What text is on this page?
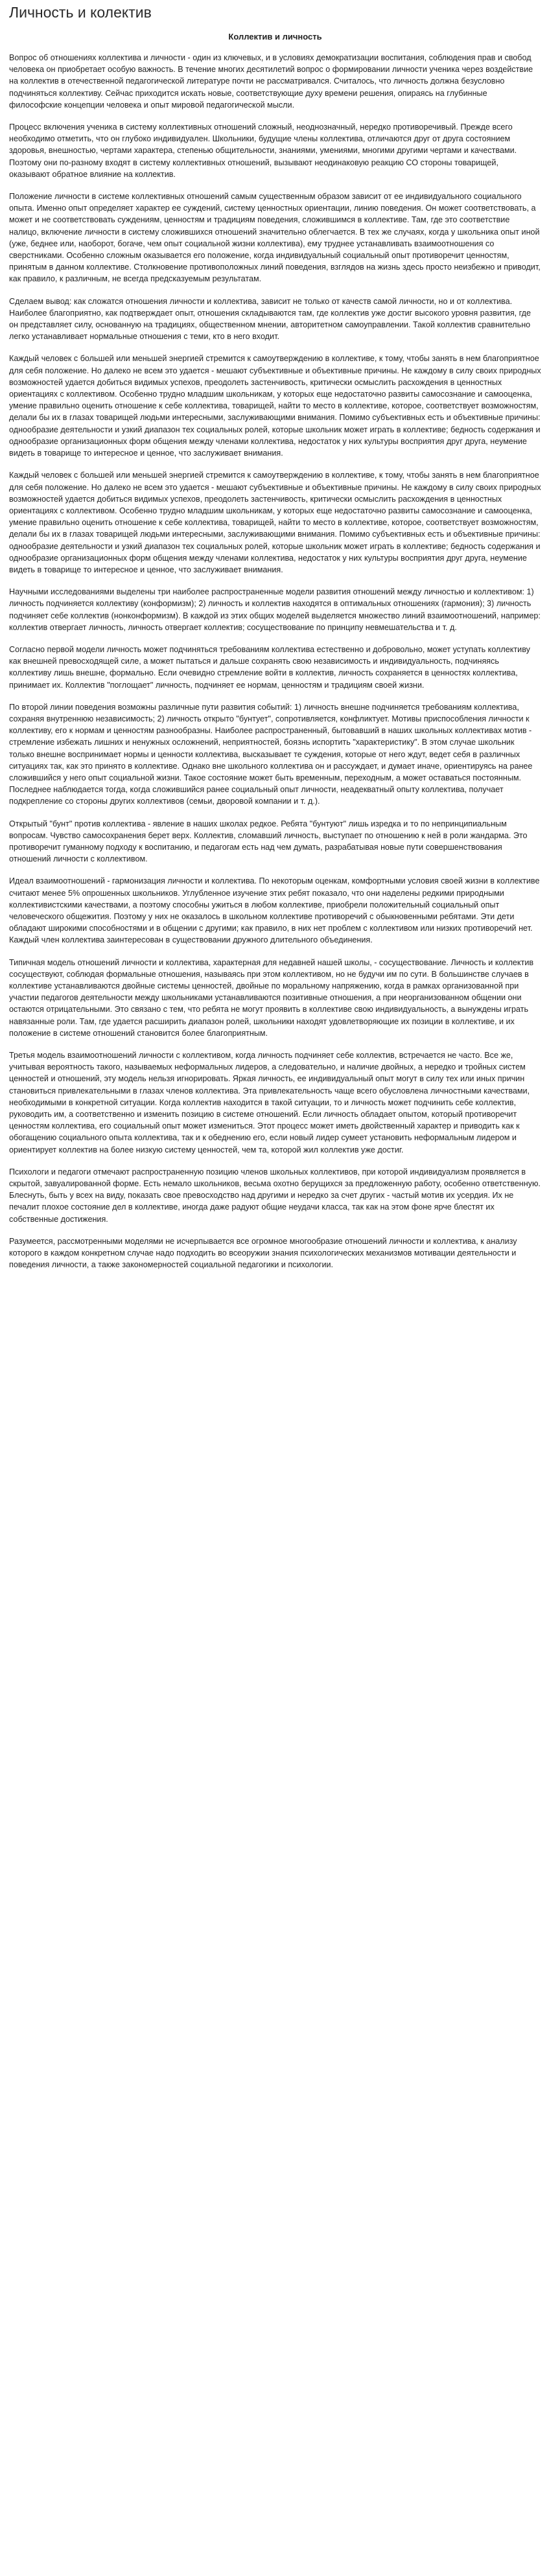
Личность и колектив
Коллектив и личность

Вопрос об отношениях коллектива и личности - один из ключевых, и в условиях демократизации воспитания, соблюдения прав и свобод человека он приобретает особую важность. В течение многих десятилетий вопрос о формировании личности ученика через воздействие на коллектив в отечественной педагогической литературе почти не рассматривался. Считалось, что личность должна безусловно подчиняться коллективу. Сейчас приходится искать новые, соответствующие духу времени решения, опираясь на глубинные философские концепции человека и опыт мировой педагогической мысли.

Процесс включения ученика в систему коллективных отношений сложный, неоднозначный, нередко противоречивый. Прежде всего необходимо отметить, что он глубоко индивидуален. Школьники, будущие члены коллектива, отличаются друг от друга состоянием здоровья, внешностью, чертами характера, степенью общительности, знаниями, умениями, многими другими чертами и качествами. Поэтому они по-разному входят в систему коллективных отношений, вызывают неодинаковую реакцию СО стороны товарищей, оказывают обратное влияние на коллектив.

Положение личности в системе коллективных отношений самым существенным образом зависит от ее индивидуального социального опыта. Именно опыт определяет характер ее суждений, систему ценностных ориентации, линию поведения. Он может соответствовать, а может и не соответствовать суждениям, ценностям и традициям поведения, сложившимся в коллективе. Там, где это соответствие налицо, включение личности в систему сложившихся отношений значительно облегчается. В тех же случаях, когда у школьника опыт иной (уже, беднее или, наоборот, богаче, чем опыт социальной жизни коллектива), ему труднее устанавливать взаимоотношения со сверстниками. Особенно сложным оказывается его положение, когда индивидуальный социальный опыт противоречит ценностям, принятым в данном коллективе. Столкновение противоположных линий поведения, взглядов на жизнь здесь просто неизбежно и приводит, как правило, к различным, не всегда предсказуемым результатам.

Сделаем вывод: как сложатся отношения личности и коллектива, зависит не только от качеств самой личности, но и от коллектива. Наиболее благоприятно, как подтверждает опыт, отношения складываются там, где коллектив уже достиг высокого уровня развития, где он представляет силу, основанную на традициях, общественном мнении, авторитетном самоуправлении. Такой коллектив сравнительно легко устанавливает нормальные отношения с теми, кто в него входит.

Каждый человек с большей или меньшей энергией стремится к самоутверждению в коллективе, к тому, чтобы занять в нем благоприятное для себя положение. Но далеко не всем это удается - мешают субъективные и объективные причины. Не каждому в силу своих природных возможностей удается добиться видимых успехов, преодолеть застенчивость, критически осмыслить расхождения в ценностных ориентациях с коллективом. Особенно трудно младшим школьникам, у которых еще недостаточно развиты самосознание и самооценка, умение правильно оценить отношение к себе коллектива, товарищей, найти то место в коллективе, которое, соответствует возможностям, делали бы их в глазах товарищей людьми интересными, заслуживающими внимания. Помимо субъективных есть и объективные причины: однообразие деятельности и узкий диапазон тех социальных ролей, которые школьник может играть в коллективе; бедность содержания и однообразие организационных форм общения между членами коллектива, недостаток у них культуры восприятия друг друга, неумение видеть в товарище то интересное и ценное, что заслуживает внимания.

Каждый человек с большей или меньшей энергией стремится к самоутверждению в коллективе, к тому, чтобы занять в нем благоприятное для себя положение. Но далеко не всем это удается - мешают субъективные и объективные причины. Не каждому в силу своих природных возможностей удается добиться видимых успехов, преодолеть застенчивость, критически осмыслить расхождения в ценностных ориентациях с коллективом. Особенно трудно младшим школьникам, у которых еще недостаточно развиты самосознание и самооценка, умение правильно оценить отношение к себе коллектива, товарищей, найти то место в коллективе, которое, соответствует возможностям, делали бы их в глазах товарищей людьми интересными, заслуживающими внимания. Помимо субъективных есть и объективные причины: однообразие деятельности и узкий диапазон тех социальных ролей, которые школьник может играть в коллективе; бедность содержания и однообразие организационных форм общения между членами коллектива, недостаток у них культуры восприятия друг друга, неумение видеть в товарище то интересное и ценное, что заслуживает внимания.

Научными исследованиями выделены три наиболее распространенные модели развития отношений между личностью и коллективом: 1) личность подчиняется коллективу (конформизм); 2) личность и коллектив находятся в оптимальных отношениях (гармония); 3) личность подчиняет себе коллектив (нонконформизм). В каждой из этих общих моделей выделяется множество линий взаимоотношений, например: коллектив отвергает личность, личность отвергает коллектив; сосуществование по принципу невмешательства и т. д.

Согласно первой модели личность может подчиняться требованиям коллектива естественно и добровольно, может уступать коллективу как внешней превосходящей силе, а может пытаться и дальше сохранять свою независимость и индивидуальность, подчиняясь коллективу лишь внешне, формально. Если очевидно стремление войти в коллектив, личность сохраняется в ценностях коллектива, принимает их. Коллектив "поглощает" личность, подчиняет ее нормам, ценностям и традициям своей жизни.

По второй линии поведения возможны различные пути развития событий: 1) личность внешне подчиняется требованиям коллектива, сохраняя внутреннюю независимость; 2) личность открыто "бунтует", сопротивляется, конфликтует. Мотивы приспособления личности к коллективу, его к нормам и ценностям разнообразны. Наиболее распространенный, бытовавший в наших школьных коллективах мотив - стремление избежать лишних и ненужных осложнений, неприятностей, боязнь испортить "характеристику". В этом случае школьник только внешне воспринимает нормы и ценности коллектива, высказывает те суждения, которые от него ждут, ведет себя в различных ситуациях так, как это принято в коллективе. Однако вне школьного коллектива он и рассуждает, и думает иначе, ориентируясь на ранее сложившийся у него опыт социальной жизни. Такое состояние может быть временным, переходным, а может оставаться постоянным. Последнее наблюдается тогда, когда сложившийся ранее социальный опыт личности, неадекватный опыту коллектива, получает подкрепление со стороны других коллективов (семьи, дворовой компании и т. д.).

Открытый "бунт" против коллектива - явление в наших школах редкое. Ребята "бунтуют" лишь изредка и то по непринципиальным вопросам. Чувство самосохранения берет верх. Коллектив, сломавший личность, выступает по отношению к ней в роли жандарма. Это противоречит гуманному подходу к воспитанию, и педагогам есть над чем думать, разрабатывая новые пути совершенствования отношений личности с коллективом.

Идеал взаимоотношений - гармонизация личности и коллектива. По некоторым оценкам, комфортными условия своей жизни в коллективе считают менее 5% опрошенных школьников. Углубленное изучение этих ребят показало, что они наделены редкими природными коллективистскими качествами, а поэтому способны ужиться в любом коллективе, приобрели положительный социальный опыт человеческого общежития. Поэтому у них не оказалось в школьном коллективе противоречий с обыкновенными ребятами. Эти дети обладают широкими способностями и в общении с другими; как правило, в них нет проблем с коллективом или низких противоречий нет. Каждый член коллектива заинтересован в существовании дружного длительного объединения.

Типичная модель отношений личности и коллектива, характерная для недавней нашей школы, - сосуществование. Личность и коллектив сосуществуют, соблюдая формальные отношения, называясь при этом коллективом, но не будучи им по сути. В большинстве случаев в коллективе устанавливаются двойные системы ценностей, двойные по моральному напряжению, когда в рамках организованной при участии педагогов деятельности между школьниками устанавливаются позитивные отношения, а при неорганизованном общении они остаются отрицательными. Это связано с тем, что ребята не могут проявить в коллективе свою индивидуальность, а вынуждены играть навязанные роли. Там, где удается расширить диапазон ролей, школьники находят удовлетворяющие их позиции в коллективе, и их положение в системе отношений становится более благоприятным.

Третья модель взаимоотношений личности с коллективом, когда личность подчиняет себе коллектив, встречается не часто. Все же, учитывая вероятность такого, называемых неформальных лидеров, а следовательно, и наличие двойных, а нередко и тройных систем ценностей и отношений, эту модель нельзя игнорировать. Яркая личность, ее индивидуальный опыт могут в силу тех или иных причин становиться привлекательными в глазах членов коллектива. Эта привлекательность чаще всего обусловлена личностными качествами, необходимыми в конкретной ситуации. Когда коллектив находится в такой ситуации, то и личность может подчинить себе коллектив, руководить им, а соответственно и изменить позицию в системе отношений. Если личность обладает опытом, который противоречит ценностям коллектива, его социальный опыт может измениться. Этот процесс может иметь двойственный характер и приводить как к обогащению социального опыта коллектива, так и к обеднению его, если новый лидер сумеет установить неформальным лидером и ориентирует коллектив на более низкую систему ценностей, чем та, которой жил коллектив уже достиг.

Психологи и педагоги отмечают распространенную позицию членов школьных коллективов, при которой индивидуализм проявляется в скрытой, завуалированной форме. Есть немало школьников, весьма охотно берущихся за предложенную работу, особенно ответственную. Блеснуть, быть у всех на виду, показать свое превосходство над другими и нередко за счет других - частый мотив их усердия. Их не печалит плохое состояние дел в коллективе, иногда даже радуют общие неудачи класса, так как на этом фоне ярче блестят их собственные достижения.

Разумеется, рассмотренными моделями не исчерпывается все огромное многообразие отношений личности и коллектива, к анализу которого в каждом конкретном случае надо подходить во всеоружии знания психологических механизмов мотивации деятельности и поведения личности, а также закономерностей социальной педагогики и психологии.
